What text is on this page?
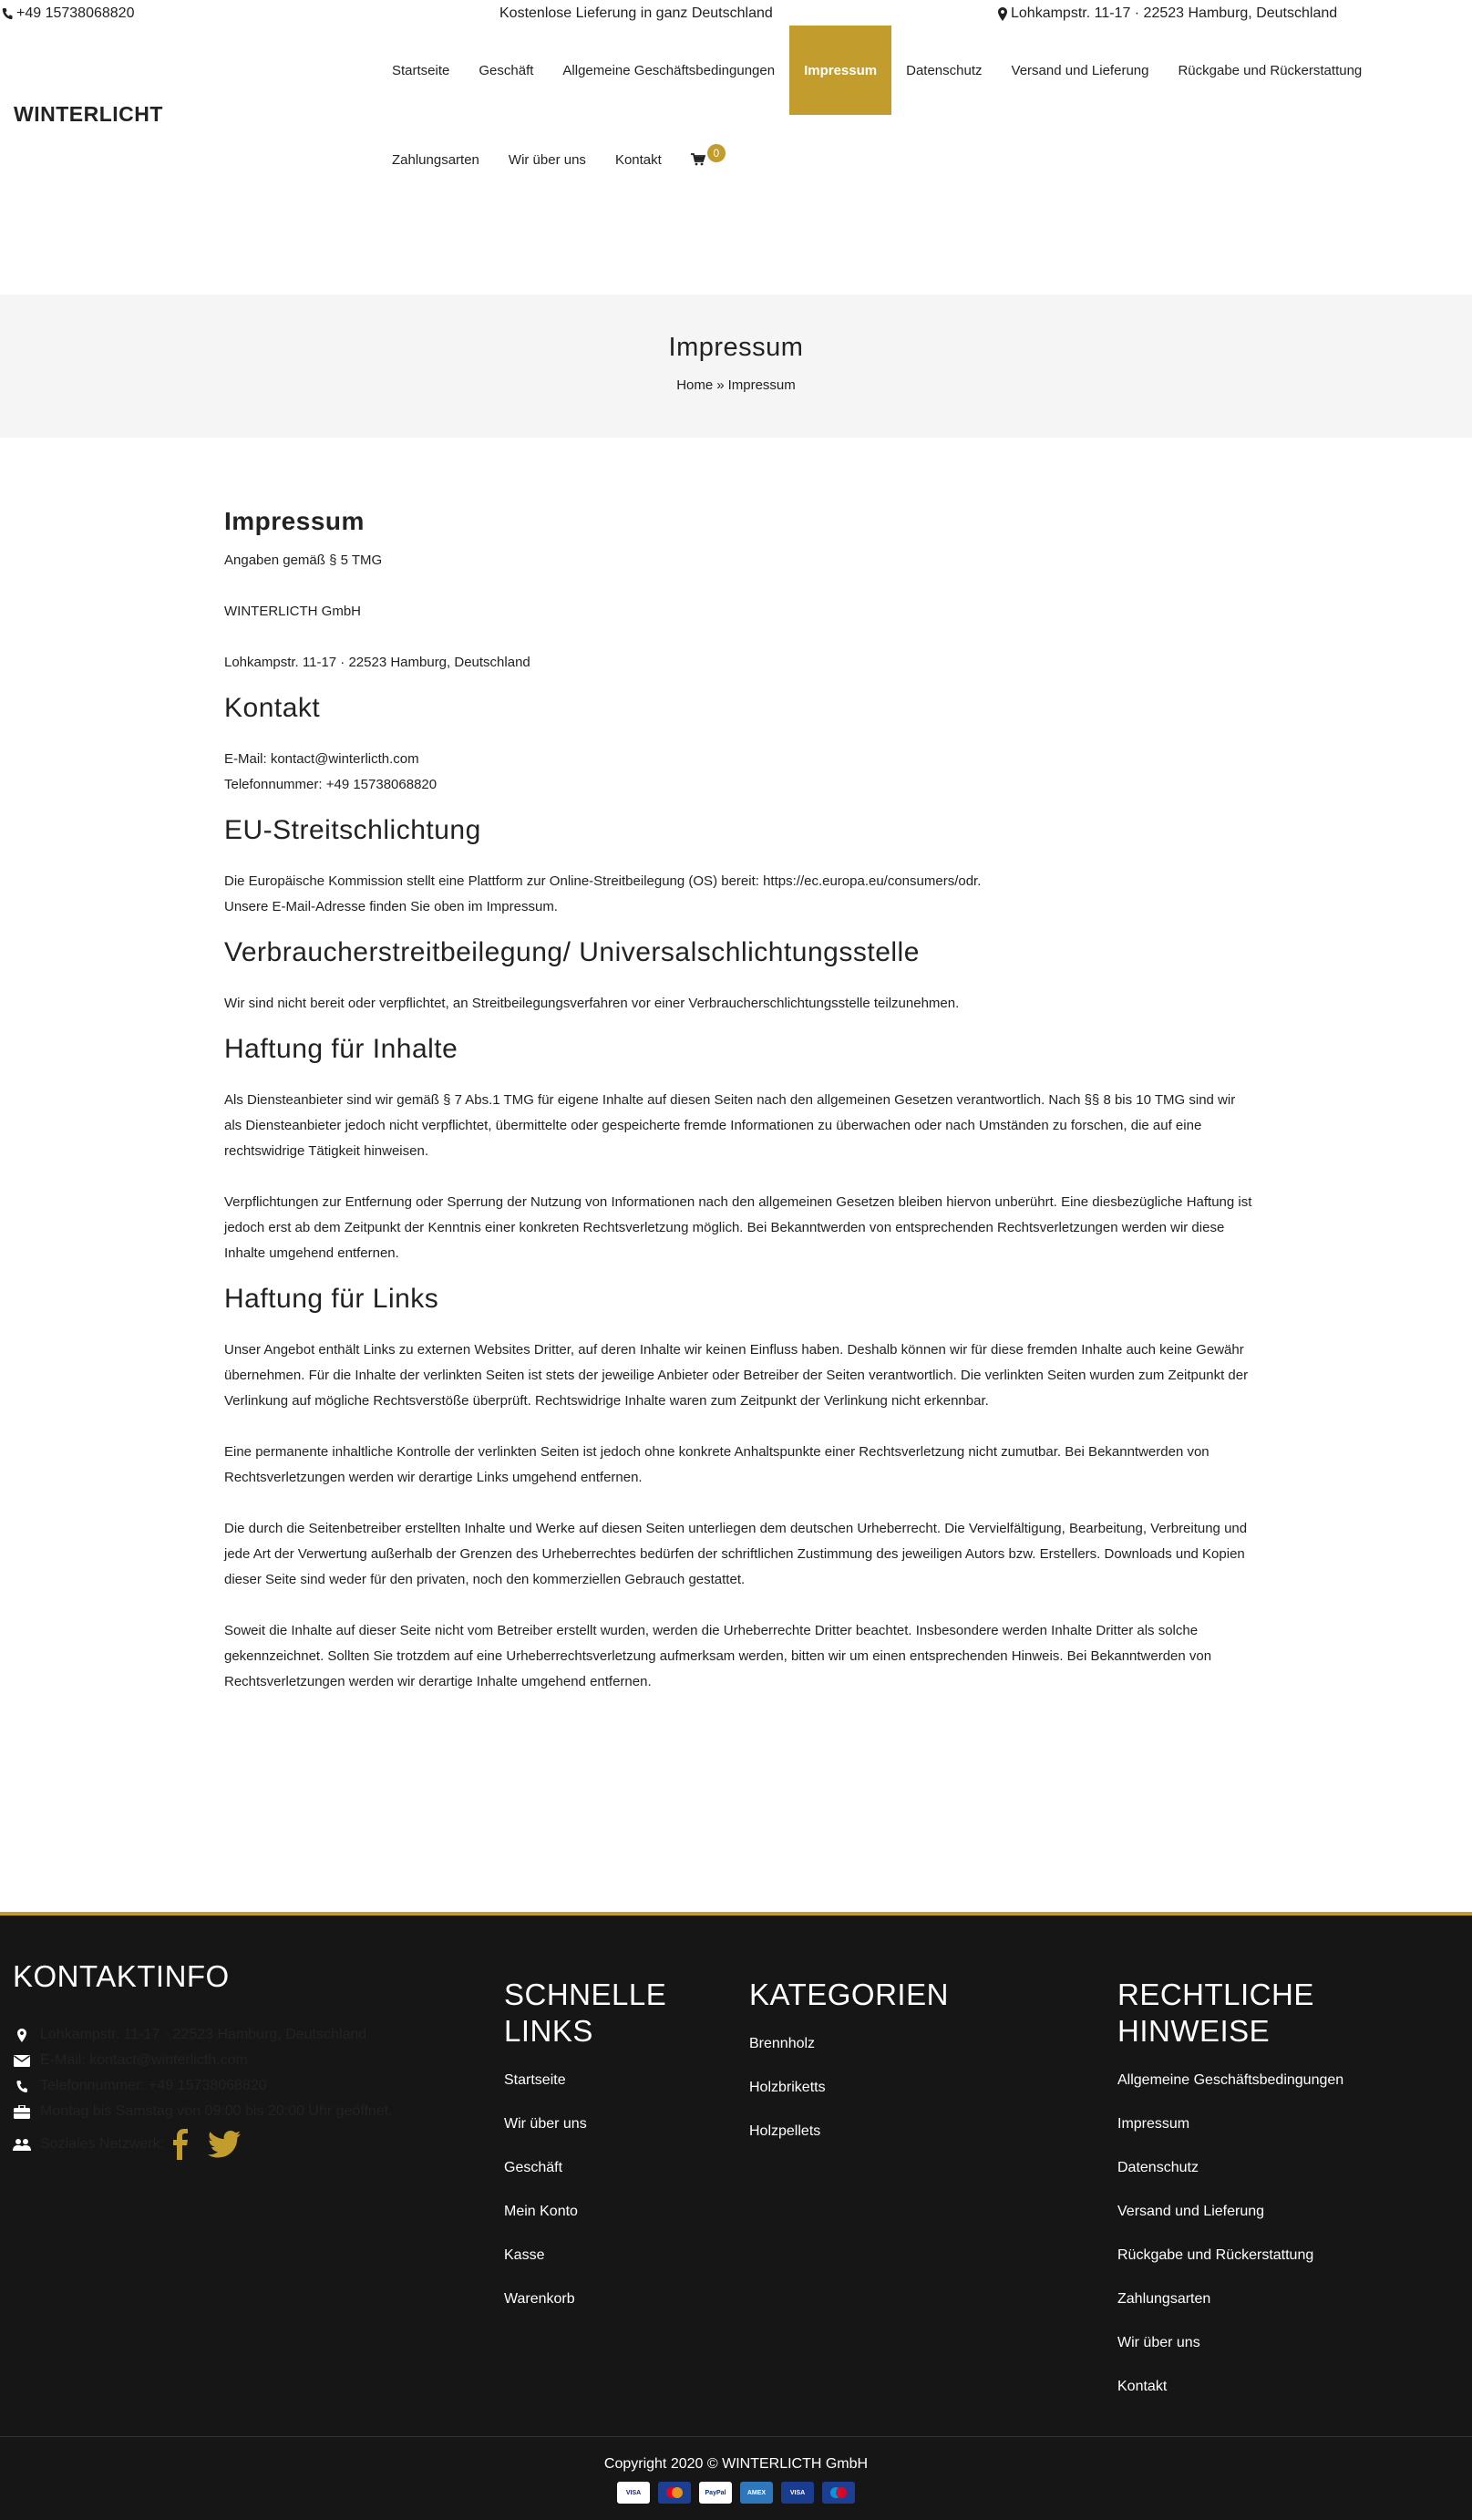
+49 15738068820	Kostenlose Lieferung in ganz Deutschland	Lohkampstr. 11-17 · 22523 Hamburg, Deutschland
WINTERLICHT
Startseite	Geschäft	Allgemeine Geschäftsbedingungen	Impressum	Datenschutz	Versand und Lieferung	Rückgabe und Rückerstattung
Zahlungsarten	Wir über uns	Kontakt	0
Impressum
Home » Impressum
Impressum

Angaben gemäß § 5 TMG

WINTERLICTH GmbH

Lohkampstr. 11-17 · 22523 Hamburg, Deutschland

Kontakt

E-Mail: kontact@winterlicth.com

Telefonnummer: +49 15738068820

EU-Streitschlichtung

Die Europäische Kommission stellt eine Plattform zur Online-Streitbeilegung (OS) bereit: https://ec.europa.eu/consumers/odr.

Unsere E-Mail-Adresse finden Sie oben im Impressum.

Verbraucherstreitbeilegung/ Universalschlichtungsstelle

Wir sind nicht bereit oder verpflichtet, an Streitbeilegungsverfahren vor einer Verbraucherschlichtungsstelle teilzunehmen.

Haftung für Inhalte

Als Diensteanbieter sind wir gemäß § 7 Abs.1 TMG für eigene Inhalte auf diesen Seiten nach den allgemeinen Gesetzen verantwortlich. Nach §§ 8 bis 10 TMG sind wir als Diensteanbieter jedoch nicht verpflichtet, übermittelte oder gespeicherte fremde Informationen zu überwachen oder nach Umständen zu forschen, die auf eine rechtswidrige Tätigkeit hinweisen.

Verpflichtungen zur Entfernung oder Sperrung der Nutzung von Informationen nach den allgemeinen Gesetzen bleiben hiervon unberührt. Eine diesbezügliche Haftung ist jedoch erst ab dem Zeitpunkt der Kenntnis einer konkreten Rechtsverletzung möglich. Bei Bekanntwerden von entsprechenden Rechtsverletzungen werden wir diese Inhalte umgehend entfernen.

Haftung für Links

Unser Angebot enthält Links zu externen Websites Dritter, auf deren Inhalte wir keinen Einfluss haben. Deshalb können wir für diese fremden Inhalte auch keine Gewähr übernehmen. Für die Inhalte der verlinkten Seiten ist stets der jeweilige Anbieter oder Betreiber der Seiten verantwortlich. Die verlinkten Seiten wurden zum Zeitpunkt der Verlinkung auf mögliche Rechtsverstöße überprüft. Rechtswidrige Inhalte waren zum Zeitpunkt der Verlinkung nicht erkennbar.

Eine permanente inhaltliche Kontrolle der verlinkten Seiten ist jedoch ohne konkrete Anhaltspunkte einer Rechtsverletzung nicht zumutbar. Bei Bekanntwerden von Rechtsverletzungen werden wir derartige Links umgehend entfernen.

Die durch die Seitenbetreiber erstellten Inhalte und Werke auf diesen Seiten unterliegen dem deutschen Urheberrecht. Die Vervielfältigung, Bearbeitung, Verbreitung und jede Art der Verwertung außerhalb der Grenzen des Urheberrechtes bedürfen der schriftlichen Zustimmung des jeweiligen Autors bzw. Erstellers. Downloads und Kopien dieser Seite sind weder für den privaten, noch den kommerziellen Gebrauch gestattet.

Soweit die Inhalte auf dieser Seite nicht vom Betreiber erstellt wurden, werden die Urheberrechte Dritter beachtet. Insbesondere werden Inhalte Dritter als solche gekennzeichnet. Sollten Sie trotzdem auf eine Urheberrechtsverletzung aufmerksam werden, bitten wir um einen entsprechenden Hinweis. Bei Bekanntwerden von Rechtsverletzungen werden wir derartige Inhalte umgehend entfernen.

KONTAKTINFO
Lohkampstr. 11-17 · 22523 Hamburg, Deutschland
E-Mail: kontact@winterlicth.com
Telefonnummer: +49 15738068820
Montag bis Samstag von 09:00 bis 20:00 Uhr geöffnet.
Soziales Netzwerk:
SCHNELLE LINKS
Startseite
Wir über uns
Geschäft
Mein Konto
Kasse
Warenkorb
KATEGORIEN
Brennholz
Holzbriketts
Holzpellets
RECHTLICHE HINWEISE
Allgemeine Geschäftsbedingungen
Impressum
Datenschutz
Versand und Lieferung
Rückgabe und Rückerstattung
Zahlungsarten
Wir über uns
Kontakt
Copyright 2020 © WINTERLICTH GmbH
VISA	PayPal	AMEX	VISA
